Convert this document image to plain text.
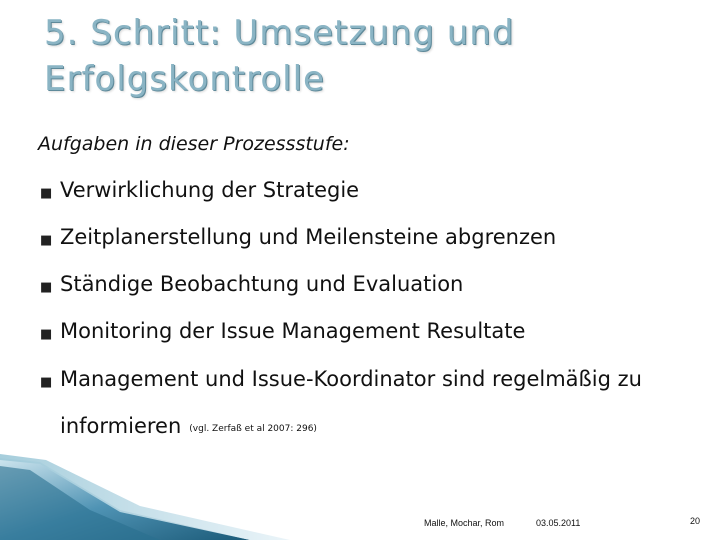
5. Schritt: Umsetzung und
Erfolgskontrolle
Aufgaben in dieser Prozessstufe:
■ Verwirklichung der Strategie
■ Zeitplanerstellung und Meilensteine abgrenzen
■ Ständige Beobachtung und Evaluation
■ Monitoring der Issue Management Resultate
■ Management und Issue-Koordinator sind regelmäßig zu
informieren (vgl. Zerfaß et al 2007: 296)
Malle, Mochar, Rom	03.05.2011	20
